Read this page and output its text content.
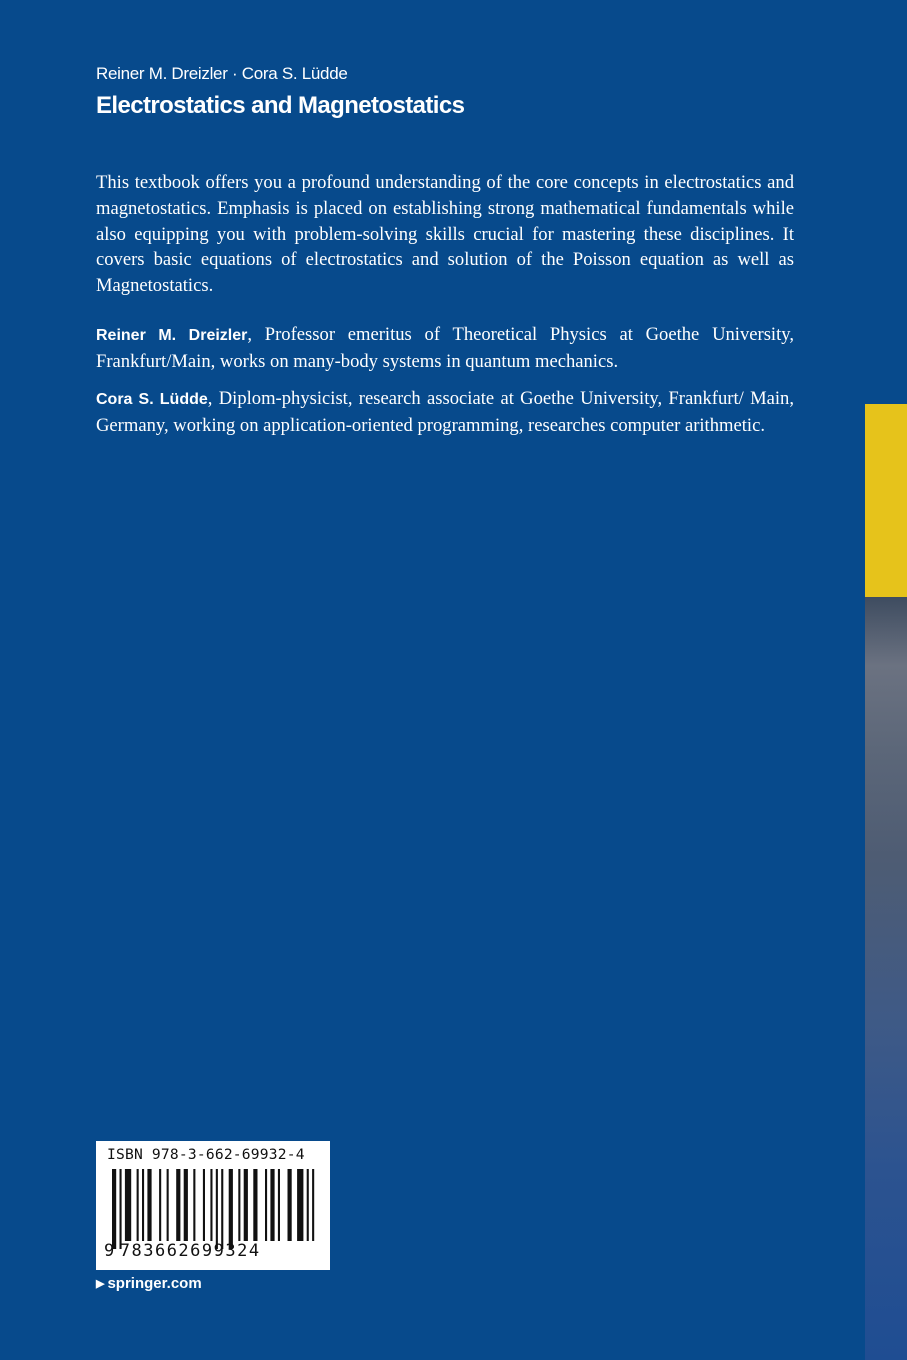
Reiner M. Dreizler · Cora S. Lüdde
Electrostatics and Magnetostatics

This textbook offers you a profound understanding of the core concepts in electrostatics and magnetostatics. Emphasis is placed on establishing strong mathematical fundamentals while also equipping you with problem-solving skills crucial for mastering these disciplines. It covers basic equations of electrostatics and solution of the Poisson equation as well as Magnetostatics.

Reiner M. Dreizler, Professor emeritus of Theoretical Physics at Goethe University, Frankfurt/Main, works on many-body systems in quantum mechanics.

Cora S. Lüdde, Diplom-physicist, research associate at Goethe University, Frankfurt/ Main, Germany, working on application-oriented programming, researches computer arithmetic.

ISBN 978-3-662-69932-4
9 783662699324
▶ springer.com
